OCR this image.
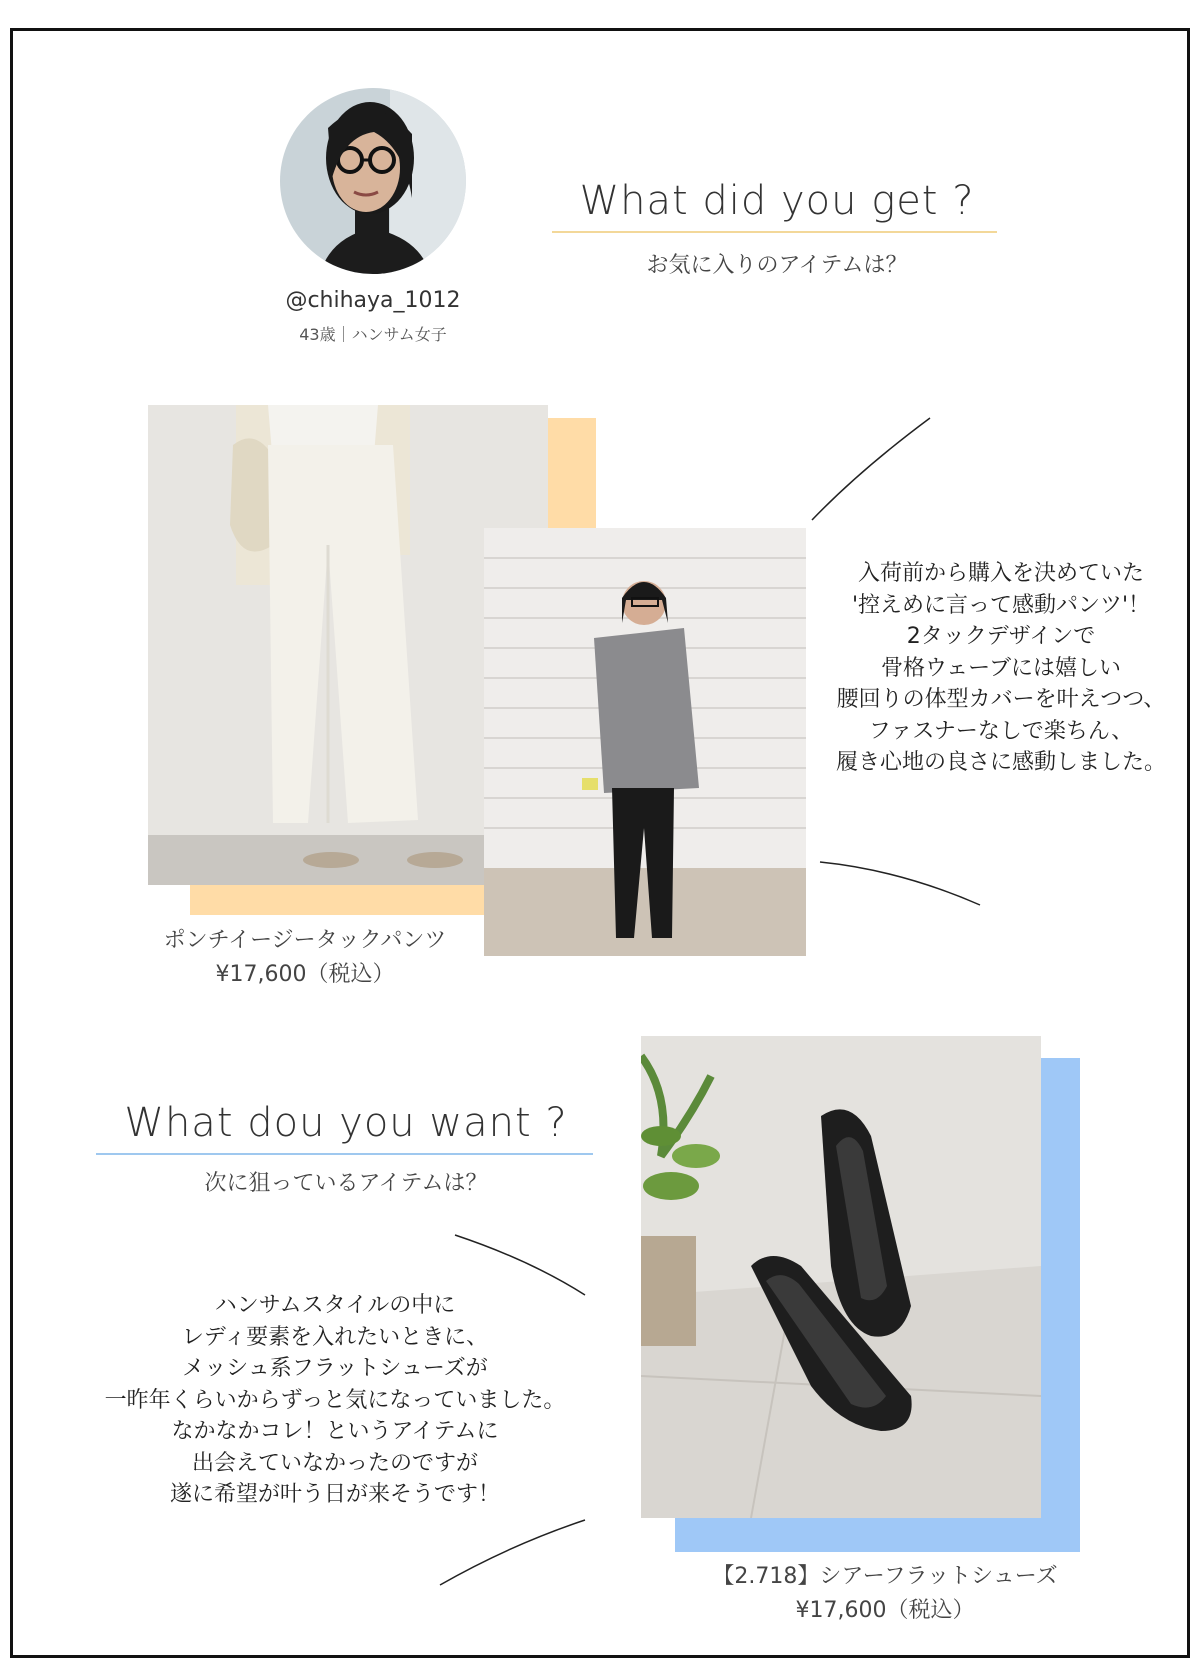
@chihaya_1012
43歳｜ハンサム女子
What did you get ?
お気に入りのアイテムは？
ポンチイージータックパンツ
¥17,600（税込）
入荷前から購入を決めていた
'控えめに言って感動パンツ'！
2タックデザインで
骨格ウェーブには嬉しい
腰回りの体型カバーを叶えつつ、
ファスナーなしで楽ちん、
履き心地の良さに感動しました。
What dou you want ?
次に狙っているアイテムは？
ハンサムスタイルの中に
レディ要素を入れたいときに、
メッシュ系フラットシューズが
一昨年くらいからずっと気になっていました。
なかなかコレ！というアイテムに
出会えていなかったのですが
遂に希望が叶う日が来そうです！
【2.718】シアーフラットシューズ
¥17,600（税込）
